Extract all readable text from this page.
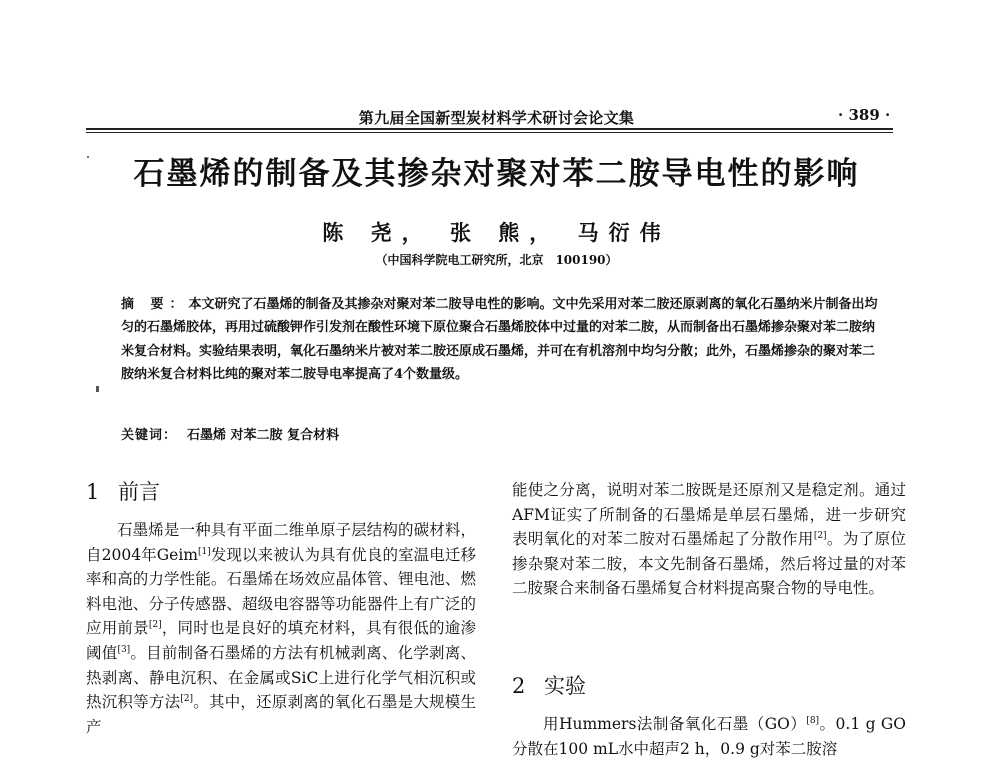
第九届全国新型炭材料学术研讨会论文集	· 389 ·
石墨烯的制备及其掺杂对聚对苯二胺导电性的影响
陈 尧， 张 熊， 马衍伟
（中国科学院电工研究所，北京　100190）
摘 要：本文研究了石墨烯的制备及其掺杂对聚对苯二胺导电性的影响。文中先采用对苯二胺还原剥离的氧化石墨纳米片制备出均匀的石墨烯胶体，再用过硫酸钾作引发剂在酸性环境下原位聚合石墨烯胶体中过量的对苯二胺，从而制备出石墨烯掺杂聚对苯二胺纳米复合材料。实验结果表明，氧化石墨纳米片被对苯二胺还原成石墨烯，并可在有机溶剂中均匀分散；此外，石墨烯掺杂的聚对苯二胺纳米复合材料比纯的聚对苯二胺导电率提高了4个数量级。
关键词： 石墨烯 对苯二胺 复合材料
1 前言
石墨烯是一种具有平面二维单原子层结构的碳材料，自2004年Geim[1]发现以来被认为具有优良的室温电迁移率和高的力学性能。石墨烯在场效应晶体管、锂电池、燃料电池、分子传感器、超级电容器等功能器件上有广泛的应用前景[2]，同时也是良好的填充材料，具有很低的逾渗阈值[3]。目前制备石墨烯的方法有机械剥离、化学剥离、热剥离、静电沉积、在金属或SiC上进行化学气相沉积或热沉积等方法[2]。其中，还原剥离的氧化石墨是大规模生产
能使之分离，说明对苯二胺既是还原剂又是稳定剂。通过AFM证实了所制备的石墨烯是单层石墨烯，进一步研究表明氧化的对苯二胺对石墨烯起了分散作用[2]。为了原位掺杂聚对苯二胺，本文先制备石墨烯，然后将过量的对苯二胺聚合来制备石墨烯复合材料提高聚合物的导电性。
2 实验
用Hummers法制备氧化石墨（GO）[8]。0.1 g GO分散在100 mL水中超声2 h，0.9 g对苯二胺溶
